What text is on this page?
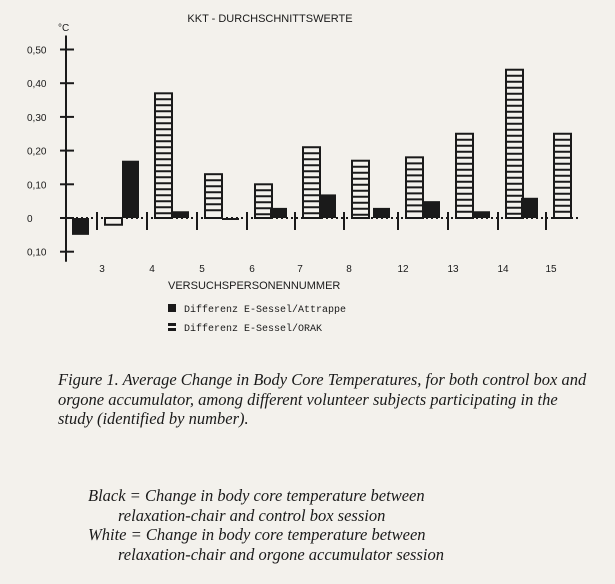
KKT - DURCHSCHNITTSWERTE
°C
0,50
0,40
0,30
0,20
0,10
0
0,10
3	4	5	6	7	8	12	13	14	15
VERSUCHSPERSONENNUMMER
Differenz E-Sessel/Attrappe
Differenz E-Sessel/ORAK
Figure 1. Average Change in Body Core Temperatures, for both control box and orgone accumulator, among different volunteer subjects participating in the study (identified by number).
Black = Change in body core temperature between
relaxation-chair and control box session
White = Change in body core temperature between
relaxation-chair and orgone accumulator session
